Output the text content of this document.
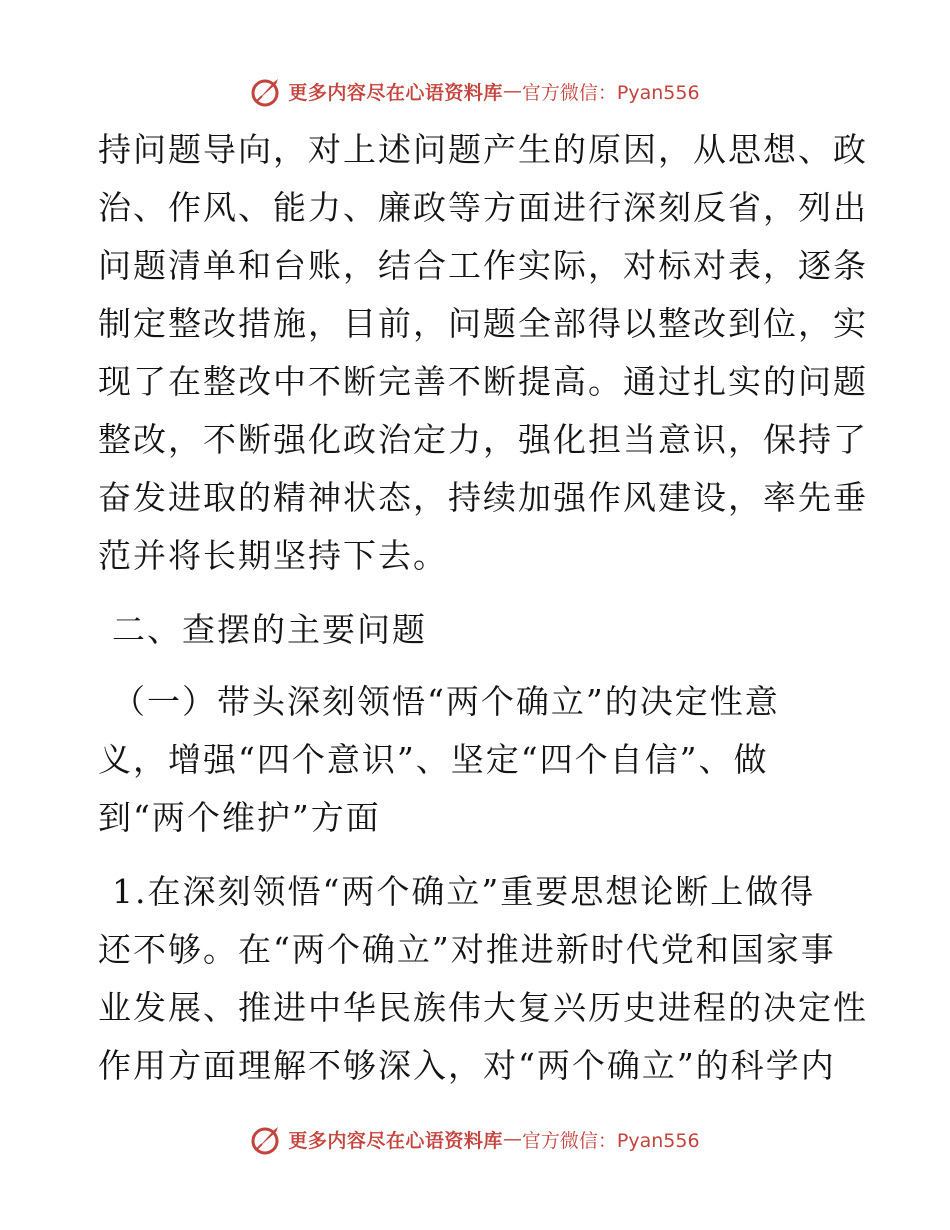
更多内容尽在心语资料库 — 官方微信：Pyan556
持问题导向，对上述问题产生的原因，从思想、政
治、作风、能力、廉政等方面进行深刻反省，列出
问题清单和台账，结合工作实际，对标对表，逐条
制定整改措施，目前，问题全部得以整改到位，实
现了在整改中不断完善不断提高。通过扎实的问题
整改，不断强化政治定力，强化担当意识，保持了
奋发进取的精神状态，持续加强作风建设，率先垂
范并将长期坚持下去。
二、查摆的主要问题
（一）带头深刻领悟“两个确立”的决定性意
义，增强“四个意识”、坚定“四个自信”、做
到“两个维护”方面
1.在深刻领悟“两个确立”重要思想论断上做得
还不够。在“两个确立”对推进新时代党和国家事
业发展、推进中华民族伟大复兴历史进程的决定性
作用方面理解不够深入，对“两个确立”的科学内
更多内容尽在心语资料库 — 官方微信：Pyan556
